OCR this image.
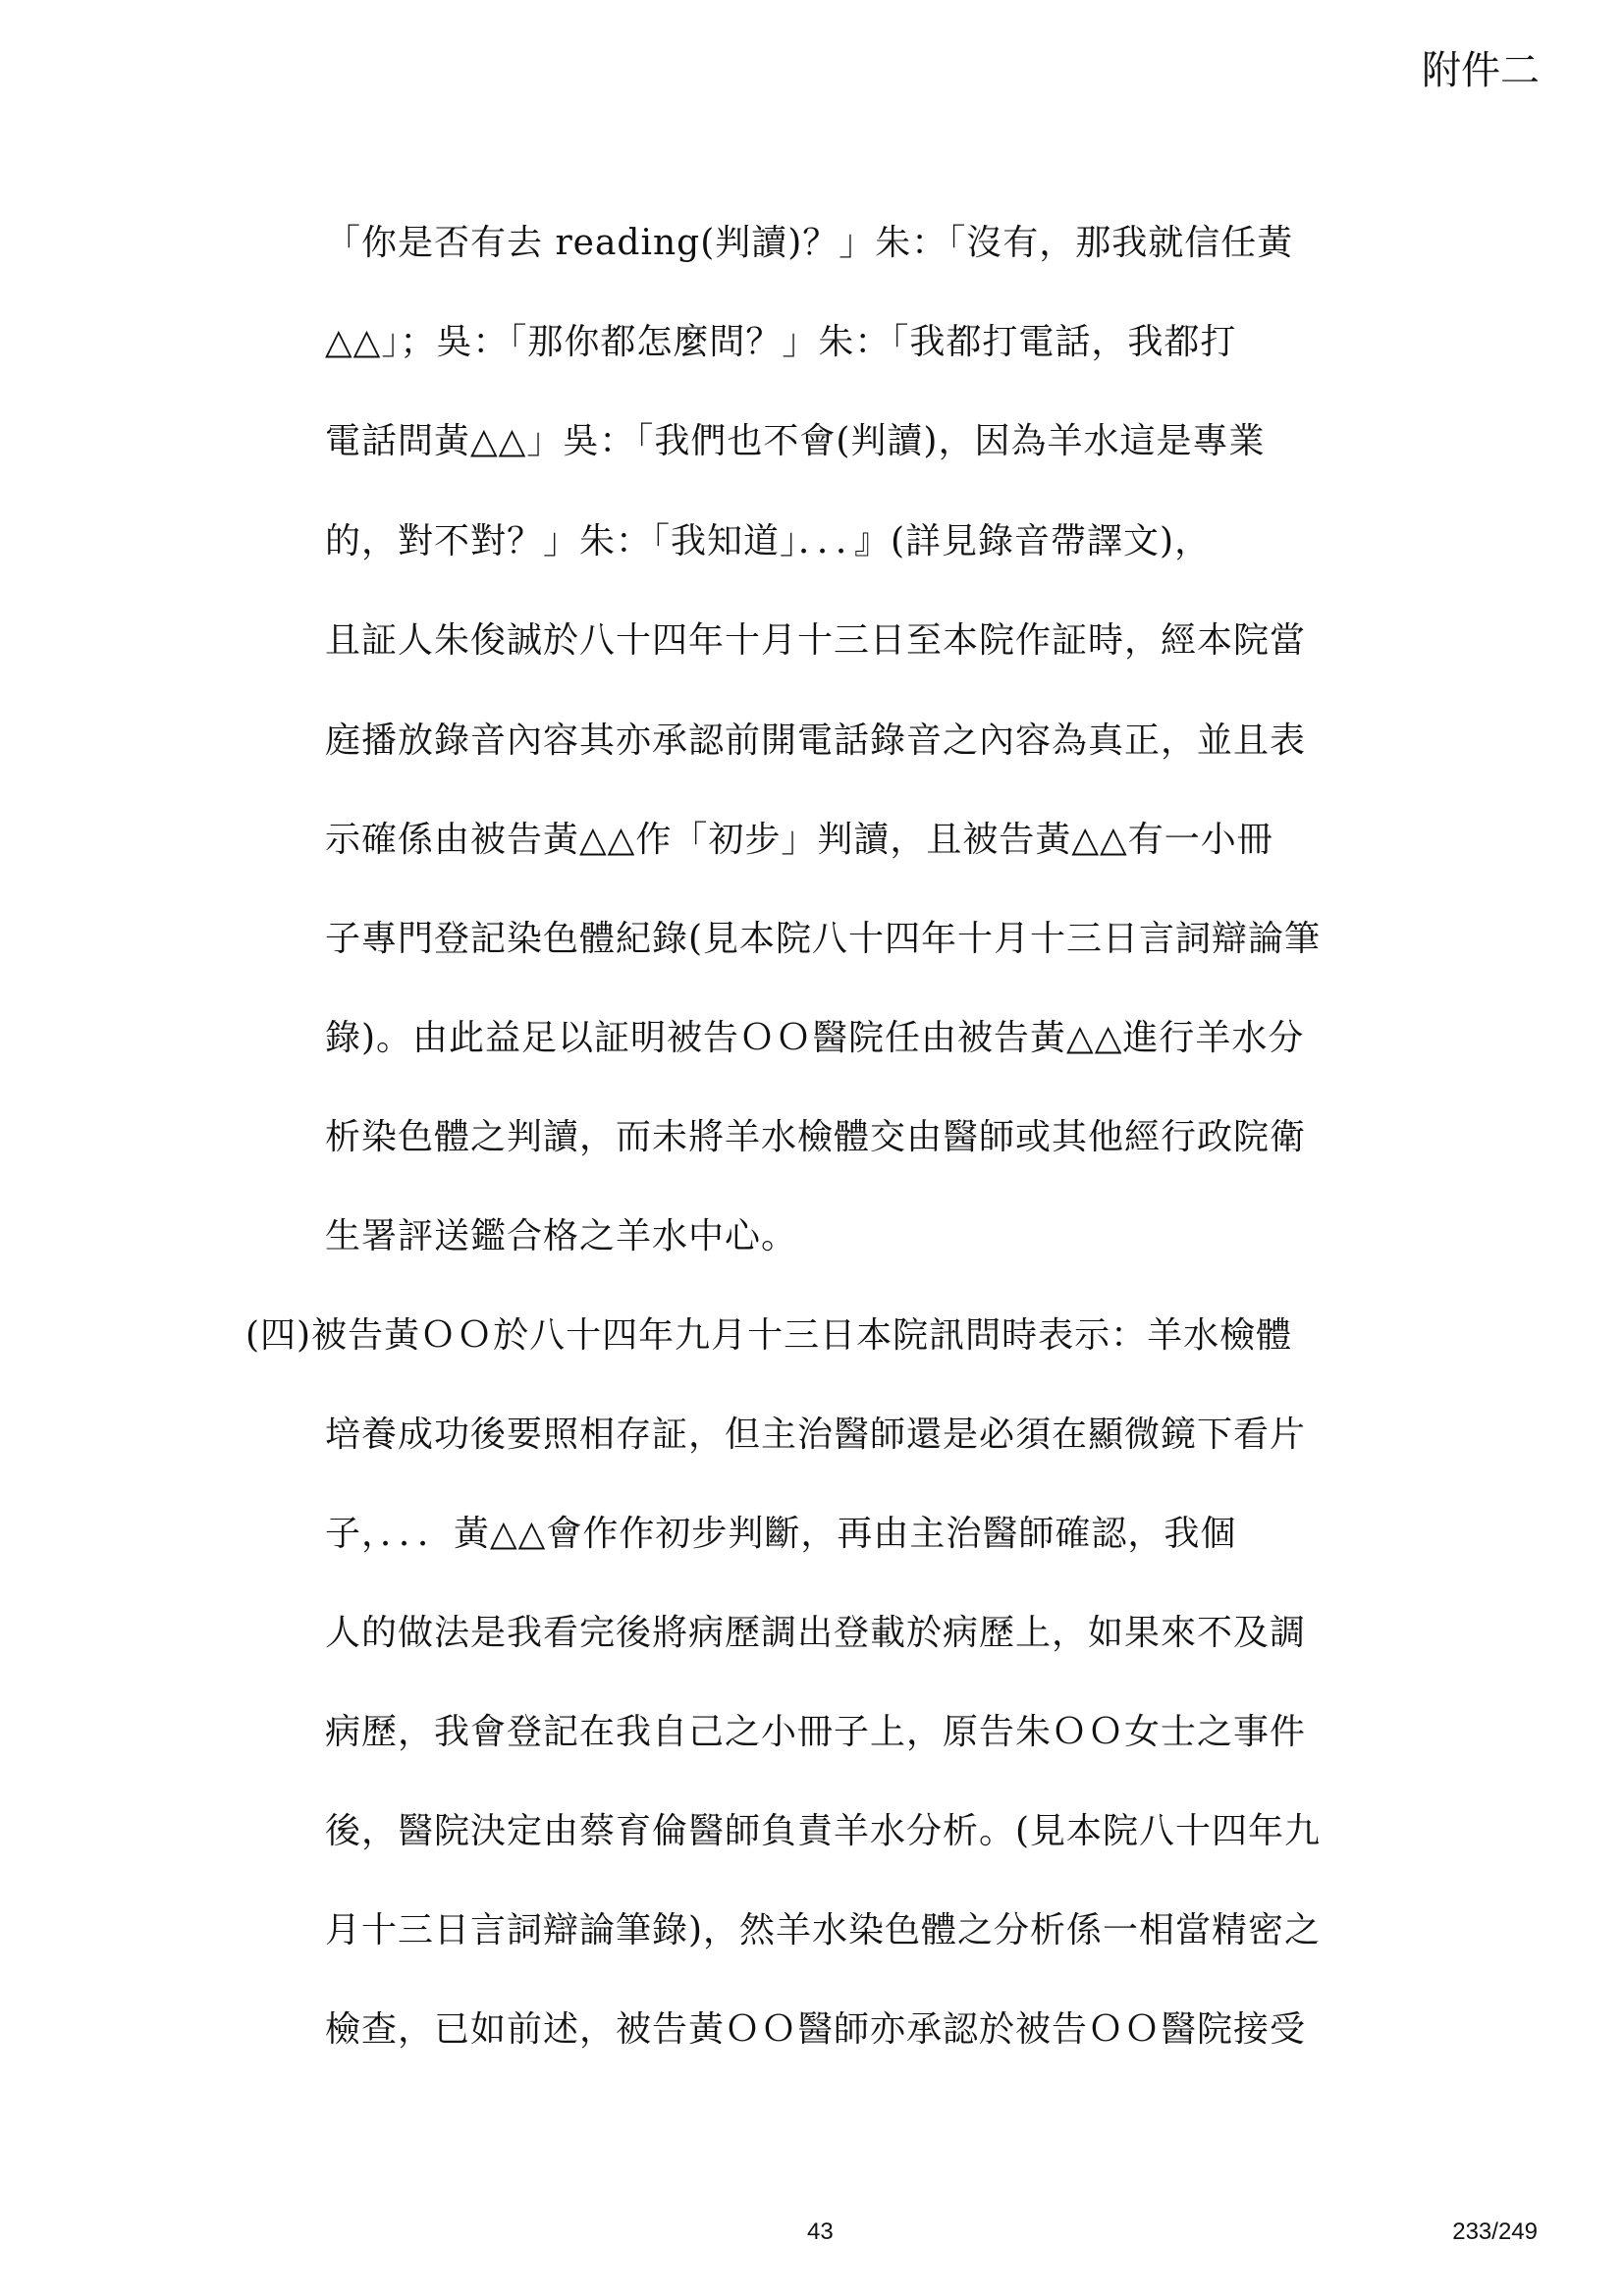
附件二
「你是否有去 reading(判讀)？」朱：「沒有，那我就信任黃
△△」；吳：「那你都怎麼問？」朱：「我都打電話，我都打
電話問黃△△」吳：「我們也不會(判讀)，因為羊水這是專業
的，對不對？」朱：「我知道」．．．』(詳見錄音帶譯文)，
且証人朱俊誠於八十四年十月十三日至本院作証時，經本院當
庭播放錄音內容其亦承認前開電話錄音之內容為真正，並且表
示確係由被告黃△△作「初步」判讀，且被告黃△△有一小冊
子專門登記染色體紀錄(見本院八十四年十月十三日言詞辯論筆
錄)。由此益足以証明被告ＯＯ醫院任由被告黃△△進行羊水分
析染色體之判讀，而未將羊水檢體交由醫師或其他經行政院衛
生署評送鑑合格之羊水中心。
(四)被告黃ＯＯ於八十四年九月十三日本院訊問時表示：羊水檢體
培養成功後要照相存証，但主治醫師還是必須在顯微鏡下看片
子，．．．黃△△會作作初步判斷，再由主治醫師確認，我個
人的做法是我看完後將病歷調出登載於病歷上，如果來不及調
病歷，我會登記在我自己之小冊子上，原告朱ＯＯ女士之事件
後，醫院決定由蔡育倫醫師負責羊水分析。(見本院八十四年九
月十三日言詞辯論筆錄)，然羊水染色體之分析係一相當精密之
檢查，已如前述，被告黃ＯＯ醫師亦承認於被告ＯＯ醫院接受
43	233/249
